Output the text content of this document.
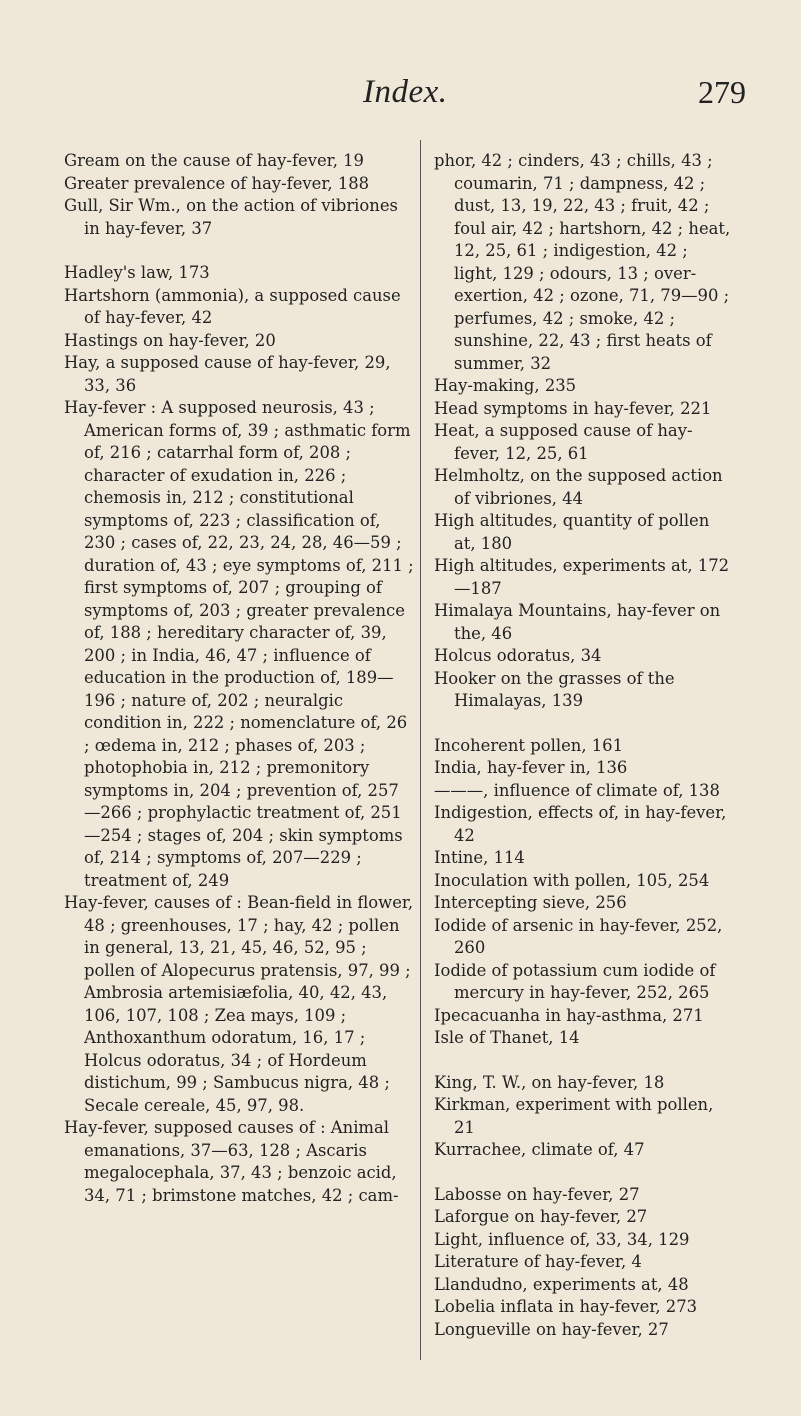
Index.	279

Gream on the cause of hay-fever, 19

Greater prevalence of hay-fever, 188

Gull, Sir Wm., on the action of vibriones in hay-fever, 37

Hadley's law, 173

Hartshorn (ammonia), a supposed cause of hay-fever, 42

Hastings on hay-fever, 20

Hay, a supposed cause of hay-fever, 29, 33, 36

Hay-fever : A supposed neurosis, 43 ; American forms of, 39 ; asthmatic form of, 216 ; catarrhal form of, 208 ; character of exudation in, 226 ; chemosis in, 212 ; constitutional symptoms of, 223 ; classification of, 230 ; cases of, 22, 23, 24, 28, 46—59 ; duration of, 43 ; eye symptoms of, 211 ; first symptoms of, 207 ; grouping of symptoms of, 203 ; greater prevalence of, 188 ; hereditary character of, 39, 200 ; in India, 46, 47 ; influence of education in the production of, 189—196 ; nature of, 202 ; neuralgic condition in, 222 ; nomenclature of, 26 ; œdema in, 212 ; phases of, 203 ; photophobia in, 212 ; premonitory symptoms in, 204 ; prevention of, 257—266 ; prophylactic treatment of, 251—254 ; stages of, 204 ; skin symptoms of, 214 ; symptoms of, 207—229 ; treatment of, 249

Hay-fever, causes of : Bean-field in flower, 48 ; greenhouses, 17 ; hay, 42 ; pollen in general, 13, 21, 45, 46, 52, 95 ; pollen of Alopecurus pratensis, 97, 99 ; Ambrosia artemisiæfolia, 40, 42, 43, 106, 107, 108 ; Zea mays, 109 ; Anthoxanthum odoratum, 16, 17 ; Holcus odoratus, 34 ; of Hordeum distichum, 99 ; Sambucus nigra, 48 ; Secale cereale, 45, 97, 98.

Hay-fever, supposed causes of : Animal emanations, 37—63, 128 ; Ascaris megalocephala, 37, 43 ; benzoic acid, 34, 71 ; brimstone matches, 42 ; cam-

phor, 42 ; cinders, 43 ; chills, 43 ; coumarin, 71 ; dampness, 42 ; dust, 13, 19, 22, 43 ; fruit, 42 ; foul air, 42 ; hartshorn, 42 ; heat, 12, 25, 61 ; indigestion, 42 ; light, 129 ; odours, 13 ; over-exertion, 42 ; ozone, 71, 79—90 ; perfumes, 42 ; smoke, 42 ; sunshine, 22, 43 ; first heats of summer, 32

Hay-making, 235

Head symptoms in hay-fever, 221

Heat, a supposed cause of hay-fever, 12, 25, 61

Helmholtz, on the supposed action of vibriones, 44

High altitudes, quantity of pollen at, 180

High altitudes, experiments at, 172—187

Himalaya Mountains, hay-fever on the, 46

Holcus odoratus, 34

Hooker on the grasses of the Himalayas, 139

Incoherent pollen, 161

India, hay-fever in, 136

———, influence of climate of, 138

Indigestion, effects of, in hay-fever, 42

Intine, 114

Inoculation with pollen, 105, 254

Intercepting sieve, 256

Iodide of arsenic in hay-fever, 252, 260

Iodide of potassium cum iodide of mercury in hay-fever, 252, 265

Ipecacuanha in hay-asthma, 271

Isle of Thanet, 14

King, T. W., on hay-fever, 18

Kirkman, experiment with pollen, 21

Kurrachee, climate of, 47

Labosse on hay-fever, 27

Laforgue on hay-fever, 27

Light, influence of, 33, 34, 129

Literature of hay-fever, 4

Llandudno, experiments at, 48

Lobelia inflata in hay-fever, 273

Longueville on hay-fever, 27
